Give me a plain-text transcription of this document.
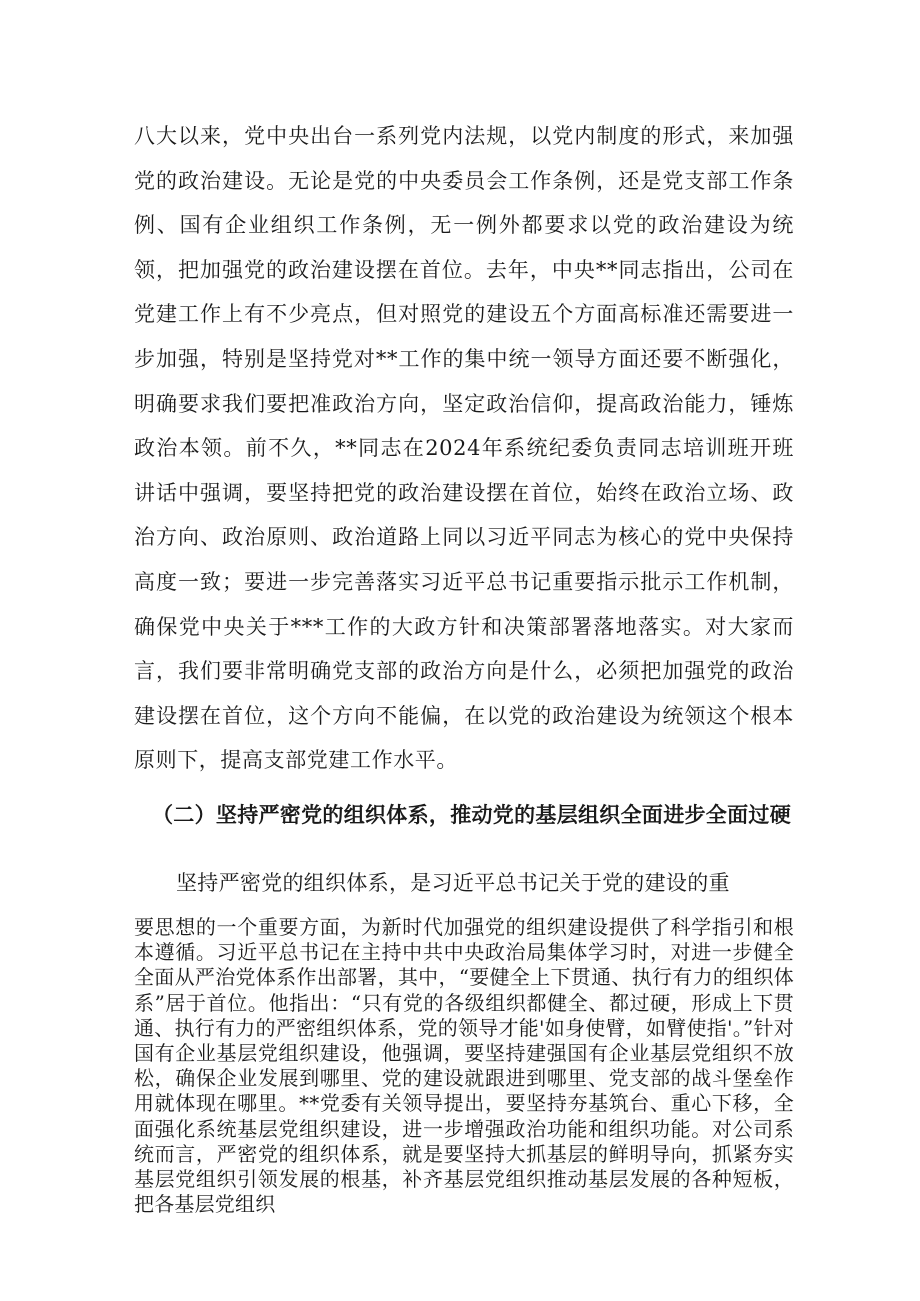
八大以来，党中央出台一系列党内法规，以党内制度的形式，来加强党的政治建设。无论是党的中央委员会工作条例，还是党支部工作条例、国有企业组织工作条例，无一例外都要求以党的政治建设为统领，把加强党的政治建设摆在首位。去年，中央**同志指出，公司在党建工作上有不少亮点，但对照党的建设五个方面高标准还需要进一步加强，特别是坚持党对**工作的集中统一领导方面还要不断强化，明确要求我们要把准政治方向，坚定政治信仰，提高政治能力，锤炼政治本领。前不久，**同志在2024年系统纪委负责同志培训班开班讲话中强调，要坚持把党的政治建设摆在首位，始终在政治立场、政治方向、政治原则、政治道路上同以习近平同志为核心的党中央保持高度一致；要进一步完善落实习近平总书记重要指示批示工作机制，确保党中央关于***工作的大政方针和决策部署落地落实。对大家而言，我们要非常明确党支部的政治方向是什么，必须把加强党的政治建设摆在首位，这个方向不能偏，在以党的政治建设为统领这个根本原则下，提高支部党建工作水平。

（二）坚持严密党的组织体系，推动党的基层组织全面进步全面过硬

坚持严密党的组织体系，是习近平总书记关于党的建设的重

要思想的一个重要方面，为新时代加强党的组织建设提供了科学指引和根本遵循。习近平总书记在主持中共中央政治局集体学习时，对进一步健全全面从严治党体系作出部署，其中，“要健全上下贯通、执行有力的组织体系”居于首位。他指出：“只有党的各级组织都健全、都过硬，形成上下贯通、执行有力的严密组织体系，党的领导才能'如身使臂，如臂使指'。”针对国有企业基层党组织建设，他强调，要坚持建强国有企业基层党组织不放松，确保企业发展到哪里、党的建设就跟进到哪里、党支部的战斗堡垒作用就体现在哪里。**党委有关领导提出，要坚持夯基筑台、重心下移，全面强化系统基层党组织建设，进一步增强政治功能和组织功能。对公司系统而言，严密党的组织体系，就是要坚持大抓基层的鲜明导向，抓紧夯实基层党组织引领发展的根基，补齐基层党组织推动基层发展的各种短板，把各基层党组织
